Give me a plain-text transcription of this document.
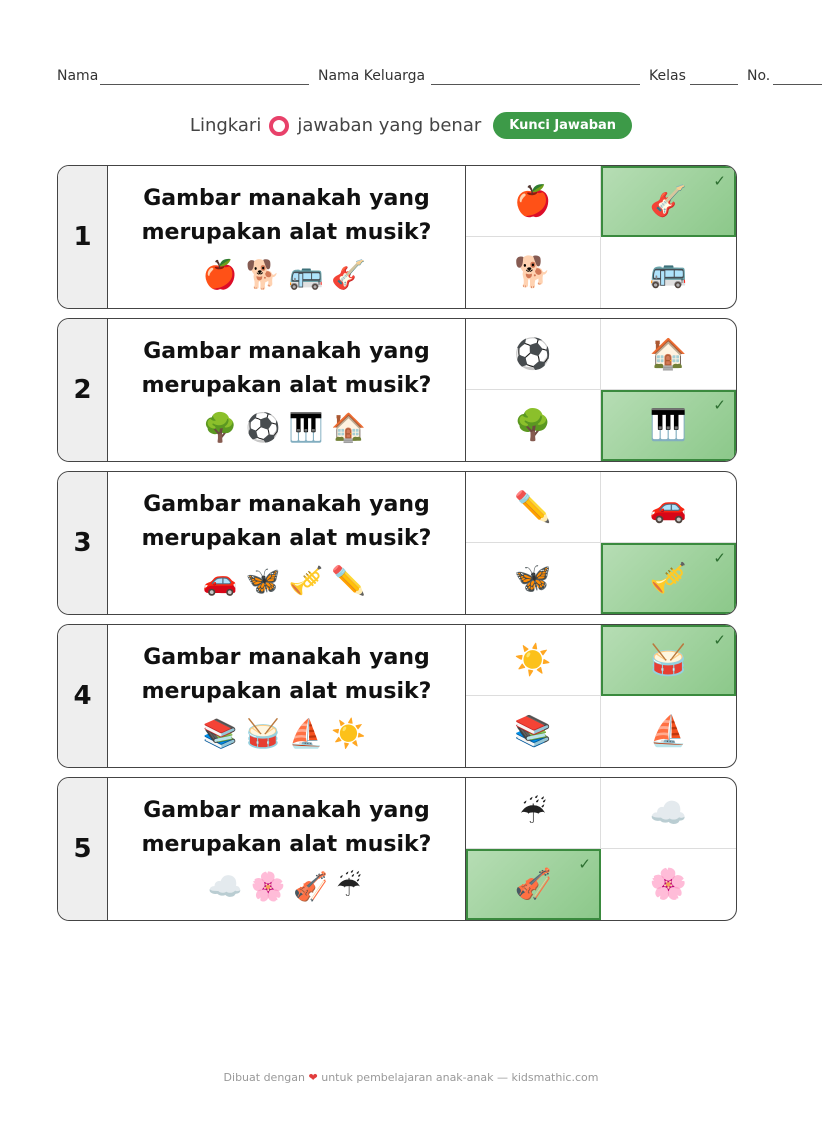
Nama	Nama Keluarga	Kelas	No.
Lingkari jawaban yang benar	Kunci Jawaban
1
Gambar manakah yang
merupakan alat musik?
🍎 🐕 🚌 🎸
🍎	🎸
✓
🐕	🚌
2
Gambar manakah yang
merupakan alat musik?
🌳 ⚽ 🎹 🏠
⚽	🏠
🌳	🎹
✓
3
Gambar manakah yang
merupakan alat musik?
🚗 🦋 🎺 ✏️
✏️	🚗
🦋	🎺
✓
4
Gambar manakah yang
merupakan alat musik?
📚 🥁 ⛵ ☀️
☀️	🥁
✓
📚	⛵
5
Gambar manakah yang
merupakan alat musik?
☁️ 🌸 🎻 ☔
☔	☁️
🎻
✓
🌸
Dibuat dengan ❤ untuk pembelajaran anak-anak — kidsmathic.com
